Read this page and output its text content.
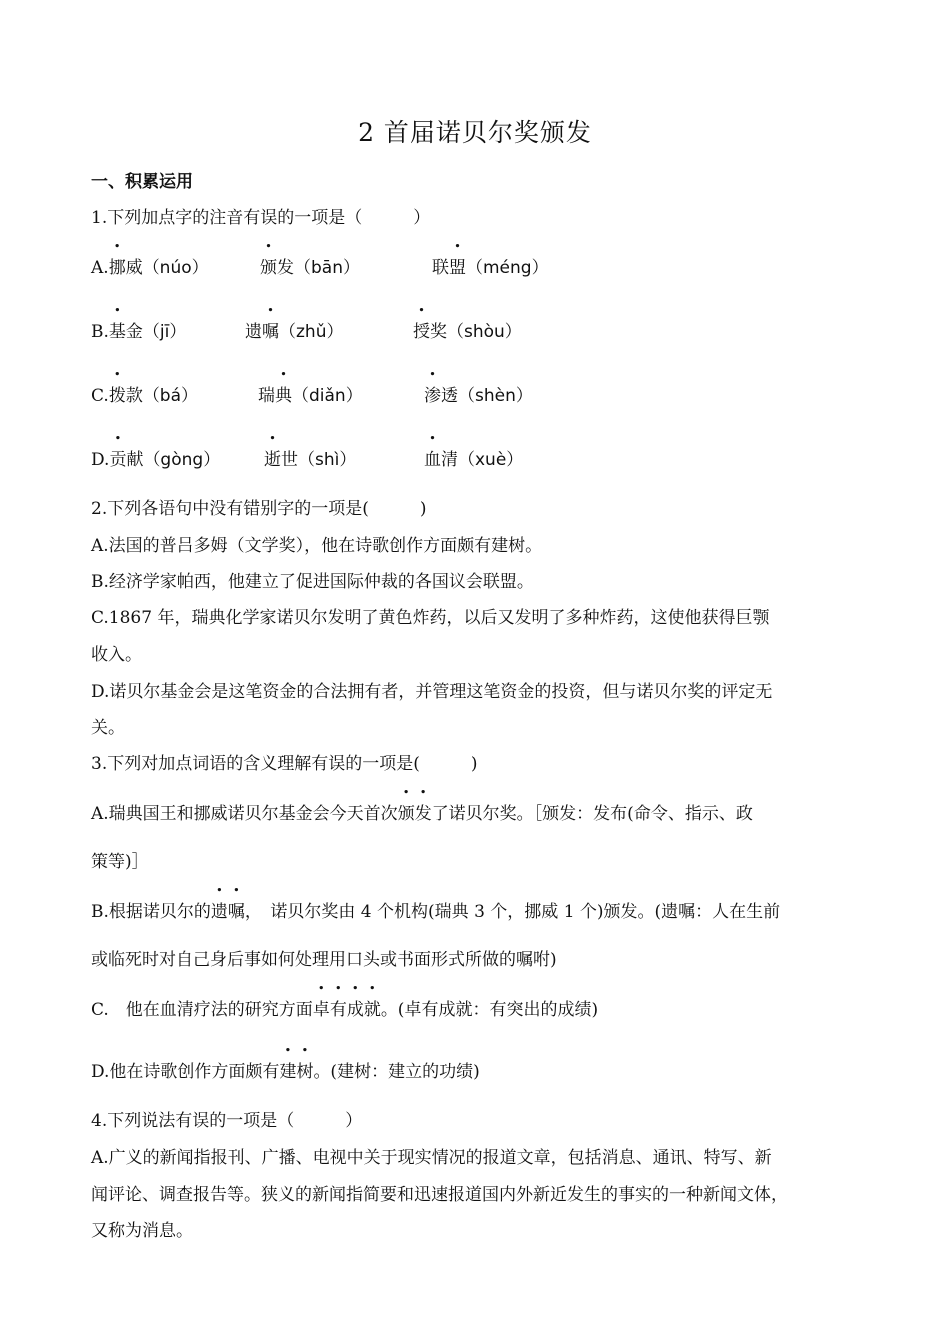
2 首届诺贝尔奖颁发
一、积累运用
1.下列加点字的注音有误的一项是（　　　）
A.挪威（núo）	颁发（bān）	联盟（méng）
B.基金（jī）	遗嘱（zhǔ）	授奖（shòu）
C.拨款（bá）	瑞典（diǎn）	渗透（shèn）
D.贡献（gòng）	逝世（shì）	血清（xuè）
2.下列各语句中没有错别字的一项是(　　　)
A.法国的普吕多姆（文学奖），他在诗歌创作方面颇有建树。
B.经济学家帕西，他建立了促进国际仲裁的各国议会联盟。
C.1867 年，瑞典化学家诺贝尔发明了黄色炸药，以后又发明了多种炸药，这使他获得巨颚
收入。
D.诺贝尔基金会是这笔资金的合法拥有者，并管理这笔资金的投资，但与诺贝尔奖的评定无
关。
3.下列对加点词语的含义理解有误的一项是(　　　)
A.瑞典国王和挪威诺贝尔基金会今天首次颁发了诺贝尔奖。［颁发：发布(命令、指示、政
策等)］
B.根据诺贝尔的遗嘱，　诺贝尔奖由 4 个机构(瑞典 3 个，挪威 1 个)颁发。(遗嘱：人在生前
或临死时对自己身后事如何处理用口头或书面形式所做的嘱咐)
C.　他在血清疗法的研究方面卓有成就。(卓有成就：有突出的成绩)
D.他在诗歌创作方面颇有建树。(建树：建立的功绩)
4.下列说法有误的一项是（　　　）
A.广义的新闻指报刊、广播、电视中关于现实情况的报道文章，包括消息、通讯、特写、新
闻评论、调查报告等。狭义的新闻指简要和迅速报道国内外新近发生的事实的一种新闻文体，
又称为消息。
